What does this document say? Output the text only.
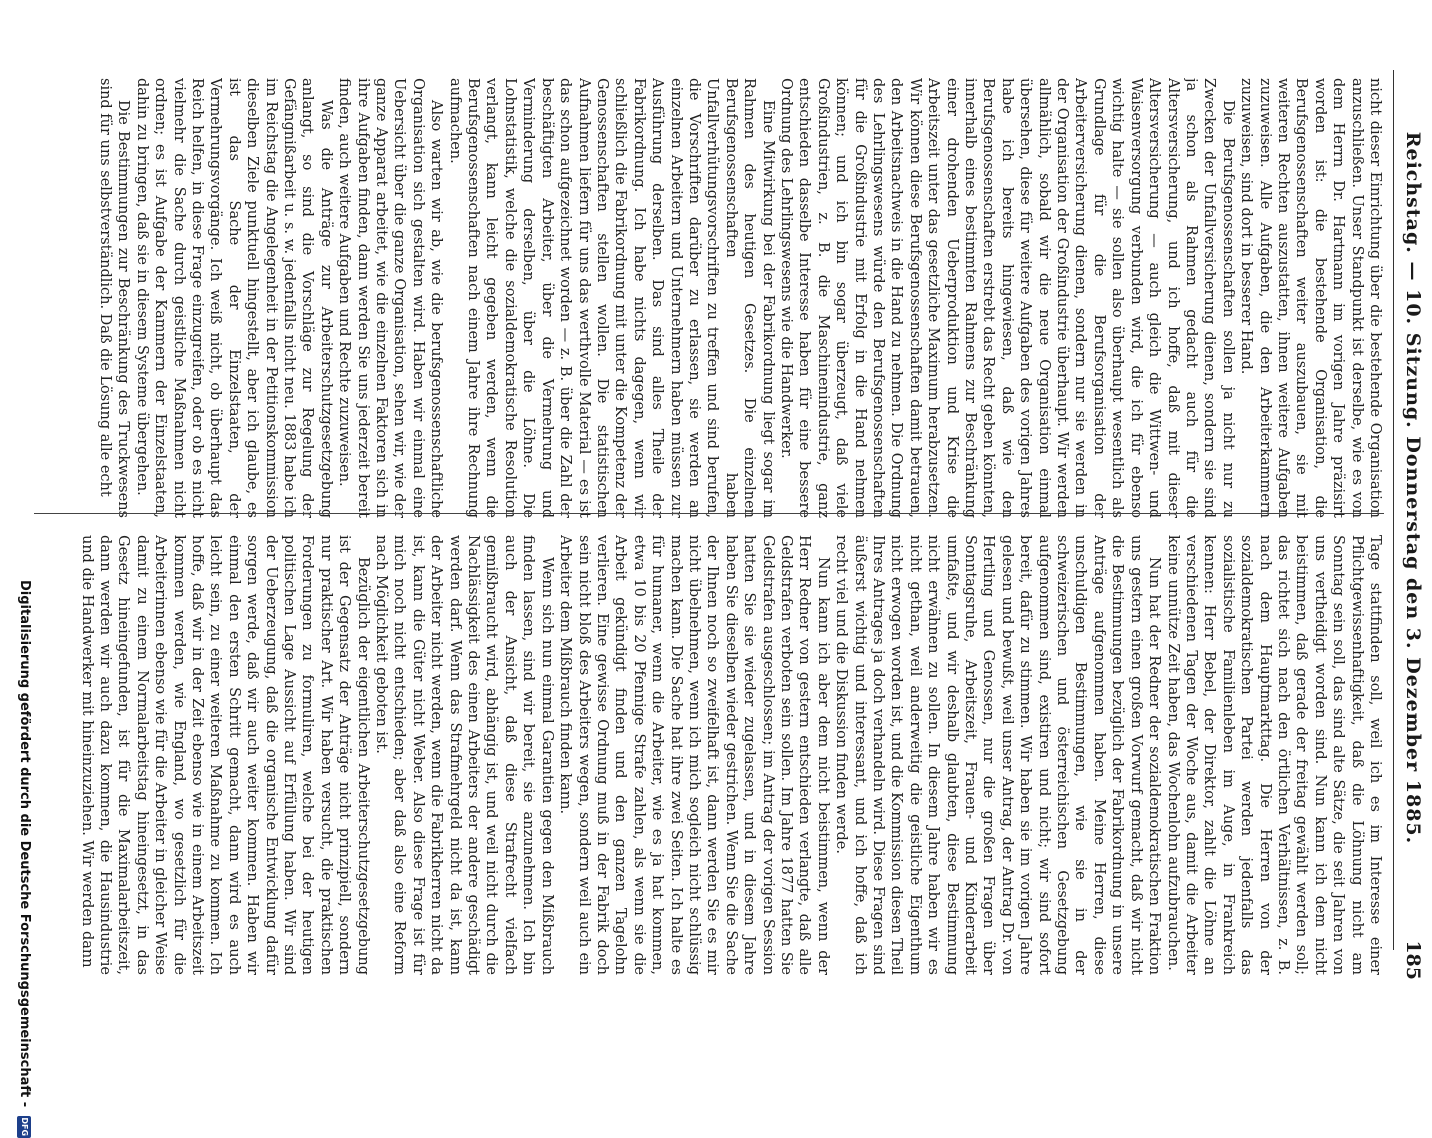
Reichstag. — 10. Sitzung. Donnerstag den 3. Dezember 1885.
185

nicht dieser Einrichtung über die bestehende Organisation anzuschließen. Unser Standpunkt ist derselbe, wie es von dem Herrn Dr. Hartmann im vorigen Jahre präzisirt worden ist: die bestehende Organisation, die Berufsgenossenschaften weiter auszubauen, sie mit weiteren Rechten auszustatten, ihnen weitere Aufgaben zuzuweisen. Alle Aufgaben, die den Arbeiterkammern zuzuweisen, sind dort in besserer Hand.

Die Berufsgenossenschaften sollen ja nicht nur zu Zwecken der Unfallversicherung dienen, sondern sie sind ja schon als Rahmen gedacht auch für die Altersversicherung, und ich hoffe, daß mit dieser Altersversicherung — auch gleich die Wittwen- und Waisenversorgung verbunden wird, die ich für ebenso wichtig halte — sie sollen also überhaupt wesentlich als Grundlage für die Berufsorganisation der Arbeiterversicherung dienen, sondern nur sie werden in der Organisation der Großindustrie überhaupt. Wir werden allmählich, sobald wir die neue Organisation einmal übersehen, diese für weitere Aufgaben des vorigen Jahres habe ich bereits hingewiesen, daß wie den Berufsgenossenschaften erstrebt das Recht geben könnten, innerhalb eines bestimmten Rahmens zur Beschränkung einer drohenden Ueberproduktion und Krise die Arbeitszeit unter das gesetzliche Maximum herabzusetzen. Wir können diese Berufsgenossenschaften damit betrauen, den Arbeitsnachweis in die Hand zu nehmen. Die Ordnung des Lehrlingswesens würde den Berufsgenossenschaften für die Großindustrie mit Erfolg in die Hand nehmen können; und ich bin sogar überzeugt, daß viele Großindustrien, z. B. die Maschinenindustrie, ganz entschieden dasselbe Interesse haben für eine bessere Ordnung des Lehrlingswesens wie die Handwerker.

Eine Mitwirkung bei der Fabrikordnung liegt sogar im Rahmen des heutigen Gesetzes. Die einzelnen Berufsgenossenschaften haben Unfallverhütungsvorschriften zu treffen und sind berufen, die Vorschriften darüber zu erlassen, sie werden an einzelnen Arbeitern und Unternehmern haben müssen zur Ausführung derselben. Das sind alles Theile der Fabrikordnung. Ich habe nichts dagegen, wenn wir schließlich die Fabrikordnung mit unter die Kompetenz der Genossenschaften stellen wollen. Die statistischen Aufnahmen liefern für uns das werthvolle Material — es ist das schon aufgezeichnet worden — z. B. über die Zahl der beschäftigten Arbeiter, über die Vermehrung und Verminderung derselben, über die Löhne. Die Lohnstatistik, welche die sozialdemokratische Resolution verlangt, kann leicht gegeben werden, wenn die Berufsgenossenschaften nach einem Jahre ihre Rechnung aufmachen.

Also warten wir ab, wie die berufsgenossenschaftliche Organisation sich gestalten wird. Haben wir einmal eine Uebersicht über die ganze Organisation, sehen wir, wie der ganze Apparat arbeitet, wie die einzelnen Faktoren sich in ihre Aufgaben finden, dann werden Sie uns jederzeit bereit finden, auch weitere Aufgaben und Rechte zuzuweisen.

Was die Anträge zur Arbeiterschutzgesetzgebung anlangt, so sind die Vorschläge zur Regelung der Gefängnißarbeit u. s. w. jedenfalls nicht neu. 1883 habe ich im Reichstag die Angelegenheit in der Petitionskommission dieselben Ziele punktuell hingestellt, aber ich glaube, es ist das Sache der Einzelstaaten, der Vermehrungsvorgänge. Ich weiß nicht, ob überhaupt das Reich helfen, in diese Frage einzugreifen, oder ob es nicht vielmehr die Sache durch geistliche Maßnahmen nicht ordnen; es ist Aufgabe der Kammern der Einzelstaaten, dahin zu bringen, daß sie in diesem Systeme übergehen.

Die Bestimmungen zur Beschränkung des Truckwesens sind für uns selbstverständlich. Daß die Lösung alle echt

Tage stattfinden soll, weil ich es im Interesse einer Pflichtgewissenhaftigkeit, daß die Löhnung nicht am Sonntag sein soll, das sind alte Sätze, die seit Jahren von uns vertheidigt worden sind. Nun kann ich dem nicht beistimmen, daß gerade der freitag gewählt werden soll; das richtet sich nach den örtlichen Verhältnissen, z. B. nach dem Hauptmarkttag. Die Herren von der sozialdemokratischen Partei werden jedenfalls das sozialistische Familienleben im Auge, in Frankreich kennen: Herr Bebel, der Direktor, zahlt die Löhne an verschiedenen Tagen der Woche aus, damit die Arbeiter keine unnütze Zeit haben, das Wochenlohn aufzubrauchen.

Nun hat der Redner der sozialdemokratischen Fraktion uns gestern einen großen Vorwurf gemacht, daß wir nicht die Bestimmungen bezüglich der Fabrikordnung in unsere Anträge aufgenommen haben. Meine Herren, diese unschuldigen Bestimmungen, wie sie in der schweizerischen und österreichischen Gesetzgebung aufgenommen sind, existiren und nicht; wir sind sofort bereit, dafür zu stimmen. Wir haben sie im vorigen Jahre gelesen und bewußt, weil unser Antrag, der Antrag Dr. von Hertling und Genossen, nur die großen Fragen über Sonntagsruhe, Arbeitszeit, Frauen- und Kinderarbeit umfaßte, und wir deshalb glaubten, diese Bestimmung nicht erwähnen zu sollen. In diesem Jahre haben wir es nicht gethan, weil anderweitig die geistliche Eigenthum nicht erwogen worden ist, und die Kommission diesen Theil Ihres Antrages ja doch verhandeln wird. Diese Fragen sind äußerst wichtig und interessant, und ich hoffe, daß ich recht viel und die Diskussion finden werde.

Nun kann ich aber dem nicht beistimmen, wenn der Herr Redner von gestern entschieden verlangte, daß alle Geldstrafen verboten sein sollen. Im Jahre 1877 hatten Sie Geldstrafen ausgeschlossen; im Antrag der vorigen Session hatten Sie sie wieder zugelassen, und in diesem Jahre haben Sie dieselben wieder gestrichen. Wenn Sie die Sache der Ihnen noch so zweifelhaft ist, dann werden Sie es mir nicht übelnehmen, wenn ich mich sogleich nicht schlüssig machen kann. Die Sache hat ihre zwei Seiten. Ich halte es für humaner, wenn die Arbeiter, wie es ja hat kommen, etwa 10 bis 20 Pfennige Strafe zahlen, als wenn sie die Arbeit gekündigt finden und den ganzen Tagelohn verlieren. Eine gewisse Ordnung muß in der Fabrik doch sein nicht bloß des Arbeiters wegen, sondern weil auch ein Arbeiter dem Mißbrauch finden kann.

Wenn sich nun einmal Garantien gegen den Mißbrauch finden lassen, sind wir bereit, sie anzunehmen. Ich bin auch der Ansicht, daß diese Strafrecht vielfach gemißbraucht wird, abhängig ist, und weil nicht durch die Nachlässigkeit des einen Arbeiters der andere geschädigt werden darf. Wenn das Strafmehrgeld nicht da ist, kann der Arbeiter nicht werden, wenn die Fabrikherren nicht da ist, kann die Güter nicht Weber. Also diese Frage ist für mich noch nicht entschieden; aber daß also eine Reform nach Möglichkeit geboten ist.

Bezüglich der eigentlichen Arbeiterschutzgesetzgebung ist der Gegensatz der Anträge nicht prinzipiell, sondern nur praktischer Art. Wir haben versucht, die praktischen Forderungen zu formuliren, welche bei der heutigen politischen Lage Aussicht auf Erfüllung haben. Wir sind der Ueberzeugung, daß die organische Entwicklung dafür sorgen werde, daß wir auch weiter kommen. Haben wir einmal den ersten Schritt gemacht, dann wird es auch leicht sein, zu einer weiteren Maßnahme zu kommen. Ich hoffe, daß wir in der Zeit ebenso wie in einem Arbeitszeit kommen werden, wie England, wo gesetzlich für die Arbeiterinnen ebenso wie für die Arbeiter in gleicher Weise damit zu einem Normalarbeitstag hineingesetzt, in das Gesetz hineingefunden, ist für die Maximalarbeitszeit, dann werden wir auch dazu kommen, die Hausindustrie und die Handwerker mit hineinzuziehen. Wir werden dann

Digitalisierung gefördert durch die Deutsche Forschungsgemeinschaft - DFG
